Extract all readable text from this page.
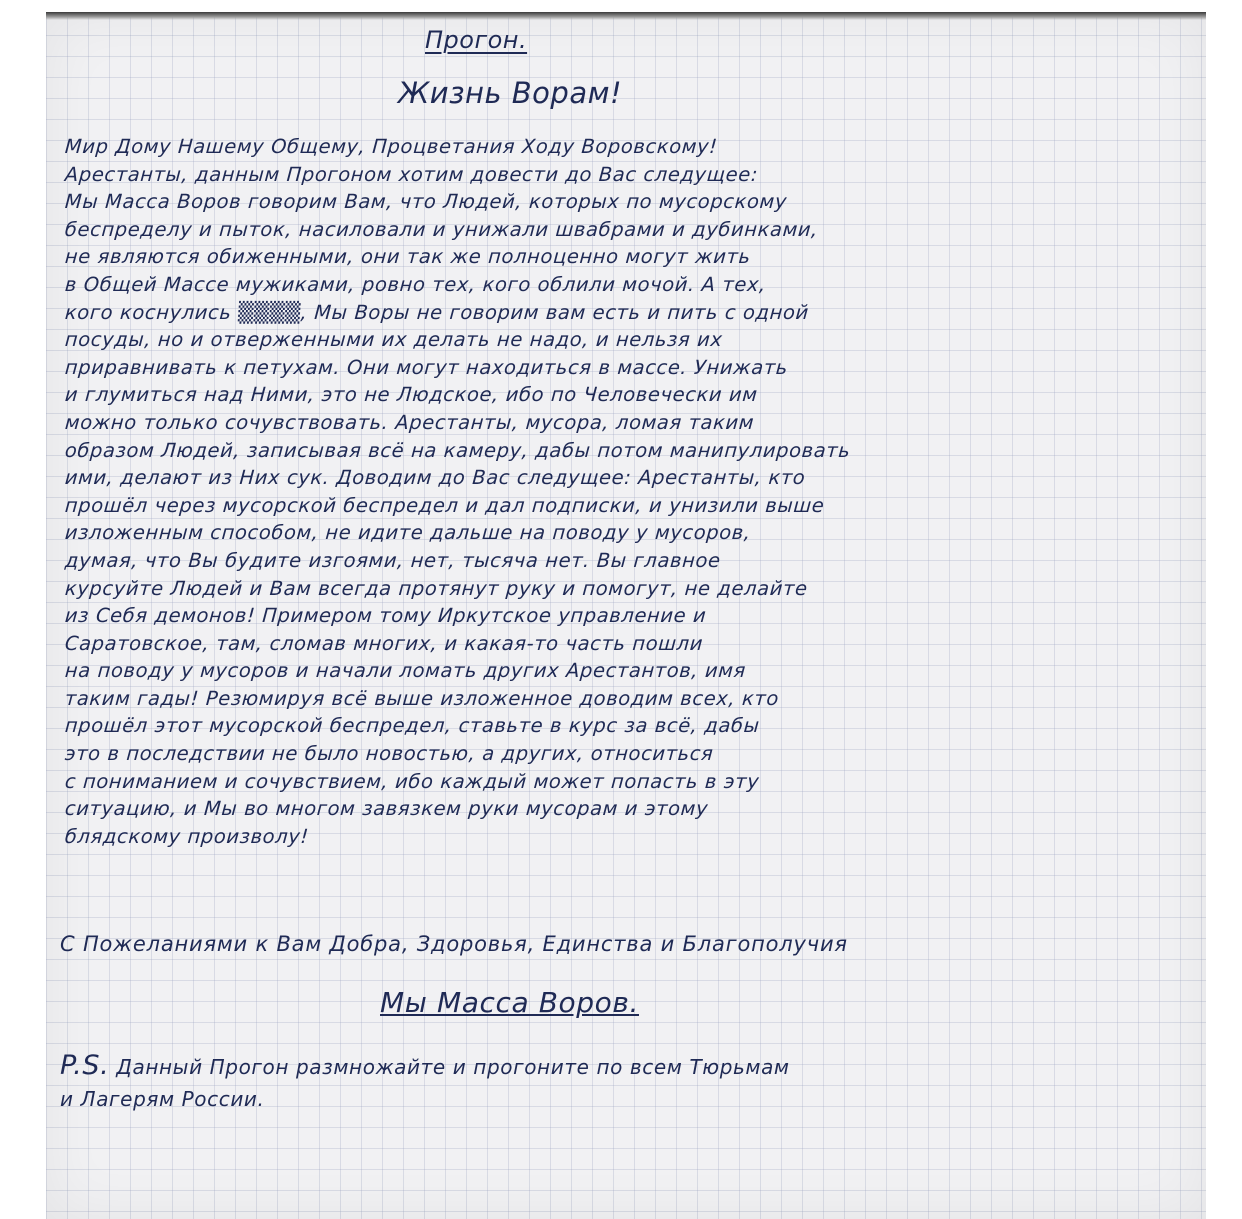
Прогон.
Жизнь Ворам!
Мир Дому Нашему Общему, Процветания Ходу Воровскому!
Арестанты, данным Прогоном хотим довести до Вас следущее:
Мы Масса Воров говорим Вам, что Людей, которых по мусорскому
беспределу и пыток, насиловали и унижали швабрами и дубинками,
не являются обиженными, они так же полноценно могут жить
в Общей Массе мужиками, ровно тех, кого облили мочой. А тех,
кого коснулись ▒▒▒▒, Мы Воры не говорим вам есть и пить с одной
посуды, но и отверженными их делать не надо, и нельзя их
приравнивать к петухам. Они могут находиться в массе. Унижать
и глумиться над Ними, это не Людское, ибо по Человечески им
можно только сочувствовать. Арестанты, мусора, ломая таким
образом Людей, записывая всё на камеру, дабы потом манипулировать
ими, делают из Них сук. Доводим до Вас следущее: Арестанты, кто
прошёл через мусорской беспредел и дал подписки, и унизили выше
изложенным способом, не идите дальше на поводу у мусоров,
думая, что Вы будите изгоями, нет, тысяча нет. Вы главное
курсуйте Людей и Вам всегда протянут руку и помогут, не делайте
из Себя демонов! Примером тому Иркутское управление и
Саратовское, там, сломав многих, и какая-то часть пошли
на поводу у мусоров и начали ломать других Арестантов, имя
таким гады! Резюмируя всё выше изложенное доводим всех, кто
прошёл этот мусорской беспредел, ставьте в курс за всё, дабы
это в последствии не было новостью, а других, относиться
с пониманием и сочувствием, ибо каждый может попасть в эту
ситуацию, и Мы во многом завязкем руки мусорам и этому
блядскому произволу!
С Пожеланиями к Вам Добра, Здоровья, Единства и Благополучия
Мы Масса Воров.
P.S. Данный Прогон размножайте и прогоните по всем Тюрьмам
и Лагерям России.
